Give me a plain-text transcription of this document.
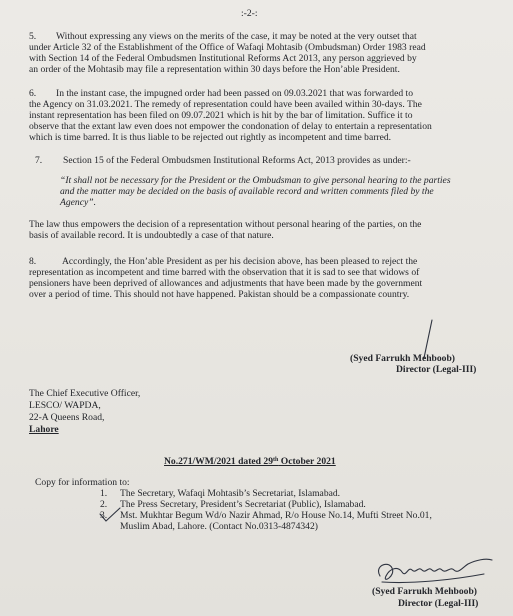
:-2-:
5. Without expressing any views on the merits of the case, it may be noted at the very outset that
under Article 32 of the Establishment of the Office of Wafaqi Mohtasib (Ombudsman) Order 1983 read
with Section 14 of the Federal Ombudsmen Institutional Reforms Act 2013, any person aggrieved by
an order of the Mohtasib may file a representation within 30 days before the Hon’able President.
6. In the instant case, the impugned order had been passed on 09.03.2021 that was forwarded to
the Agency on 31.03.2021. The remedy of representation could have been availed within 30-days. The
instant representation has been filed on 09.07.2021 which is hit by the bar of limitation. Suffice it to
observe that the extant law even does not empower the condonation of delay to entertain a representation
which is time barred. It is thus liable to be rejected out rightly as incompetent and time barred.
7. Section 15 of the Federal Ombudsmen Institutional Reforms Act, 2013 provides as under:-
“It shall not be necessary for the President or the Ombudsman to give personal hearing to the parties
and the matter may be decided on the basis of available record and written comments filed by the
Agency”.
The law thus empowers the decision of a representation without personal hearing of the parties, on the
basis of available record. It is undoubtedly a case of that nature.
8.	Accordingly, the Hon’able President as per his decision above, has been pleased to reject the
representation as incompetent and time barred with the observation that it is sad to see that widows of
pensioners have been deprived of allowances and adjustments that have been made by the government
over a period of time. This should not have happened. Pakistan should be a compassionate country.
(Syed Farrukh Mehboob)
Director (Legal-III)
The Chief Executive Officer,
LESCO/ WAPDA,
22-A Queens Road,
Lahore
No.271/WM/2021 dated 29th October 2021
Copy for information to:
1. The Secretary, Wafaqi Mohtasib’s Secretariat, Islamabad.
2. The Press Secretary, President’s Secretariat (Public), Islamabad.
3. Mst. Mukhtar Begum Wd/o Nazir Ahmad, R/o House No.14, Mufti Street No.01,
Muslim Abad, Lahore. (Contact No.0313-4874342)
(Syed Farrukh Mehboob)
Director (Legal-III)
